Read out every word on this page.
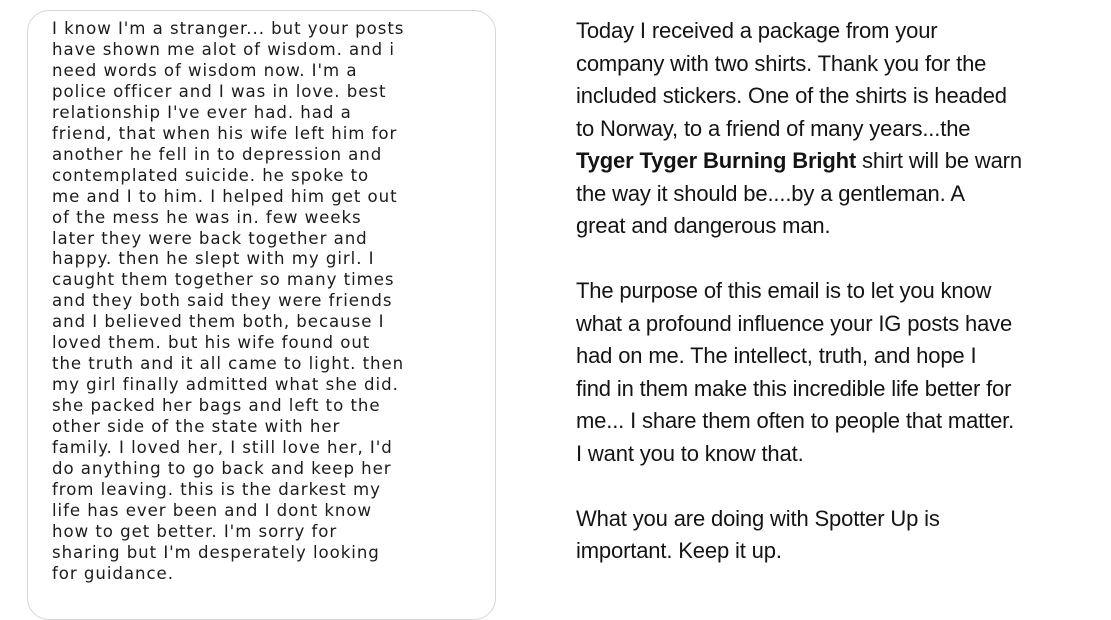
I know I'm a stranger... but your posts
have shown me alot of wisdom. and i
need words of wisdom now. I'm a
police officer and I was in love. best
relationship I've ever had. had a
friend, that when his wife left him for
another he fell in to depression and
contemplated suicide. he spoke to
me and I to him. I helped him get out
of the mess he was in. few weeks
later they were back together and
happy. then he slept with my girl. I
caught them together so many times
and they both said they were friends
and I believed them both, because I
loved them. but his wife found out
the truth and it all came to light. then
my girl finally admitted what she did.
she packed her bags and left to the
other side of the state with her
family. I loved her, I still love her, I'd
do anything to go back and keep her
from leaving. this is the darkest my
life has ever been and I dont know
how to get better. I'm sorry for
sharing but I'm desperately looking
for guidance.

Today I received a package from your
company with two shirts. Thank you for the
included stickers. One of the shirts is headed
to Norway, to a friend of many years...the
Tyger Tyger Burning Bright shirt will be warn
the way it should be....by a gentleman. A
great and dangerous man.

The purpose of this email is to let you know
what a profound influence your IG posts have
had on me. The intellect, truth, and hope I
find in them make this incredible life better for
me... I share them often to people that matter.
I want you to know that.

What you are doing with Spotter Up is
important. Keep it up.
